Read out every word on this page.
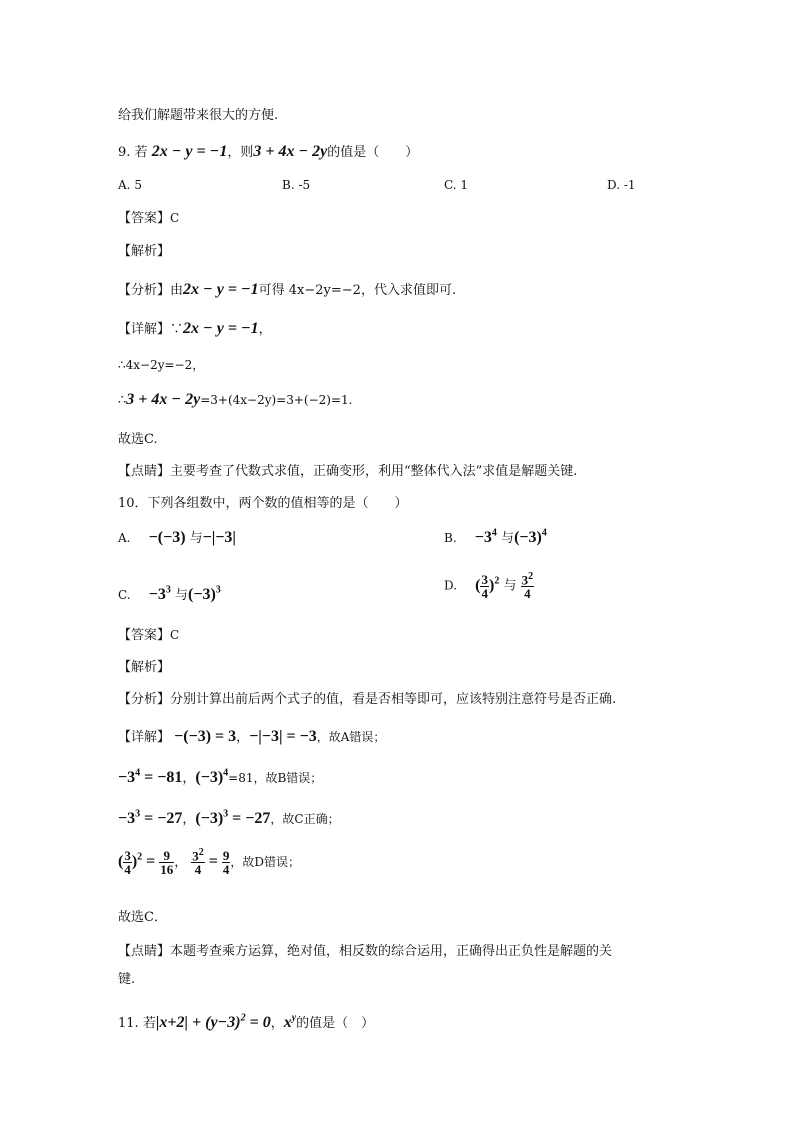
给我们解题带来很大的方便.
9. 若 2x − y = −1，则3 + 4x − 2y的值是（　　）
A. 5	B. -5	C. 1	D. -1
【答案】C
【解析】
【分析】由2x − y = −1可得 4x−2y=−2，代入求值即可.
【详解】∵2x − y = −1，
∴4x−2y=−2，
∴3 + 4x − 2y=3+(4x−2y)=3+(−2)=1.
故选C.
【点睛】主要考查了代数式求值，正确变形，利用“整体代入法”求值是解题关键.
10．下列各组数中，两个数的值相等的是（　　）
A. −(−3) 与−|−3|	B. $-3^4$ 与$(-3)^4$
C. $-3^3$ 与$(-3)^3$	D. ( $\frac{3}{4} )^2$ 与 $\frac{3^2}{4}$
【答案】C
【解析】
【分析】分别计算出前后两个式子的值，看是否相等即可，应该特别注意符号是否正确.
【详解】 −(−3) = 3，−|−3| = −3，故A错误；
$-3^4 = -81$，$(-3)^4=81$，故B错误；
$-3^3 = -27$，$(-3)^3 = -27$，故C正确；
( $\frac{3}{4} )^2 = \frac{9}{16}$ ， $\frac{3^2}{4} = \frac{9}{4}$ ，故D错误；
故选C．
【点睛】本题考查乘方运算，绝对值，相反数的综合运用，正确得出正负性是解题的关
键.
11. 若$|x+2| + (y-3)^2 = 0$，$x^y$的值是（　）
